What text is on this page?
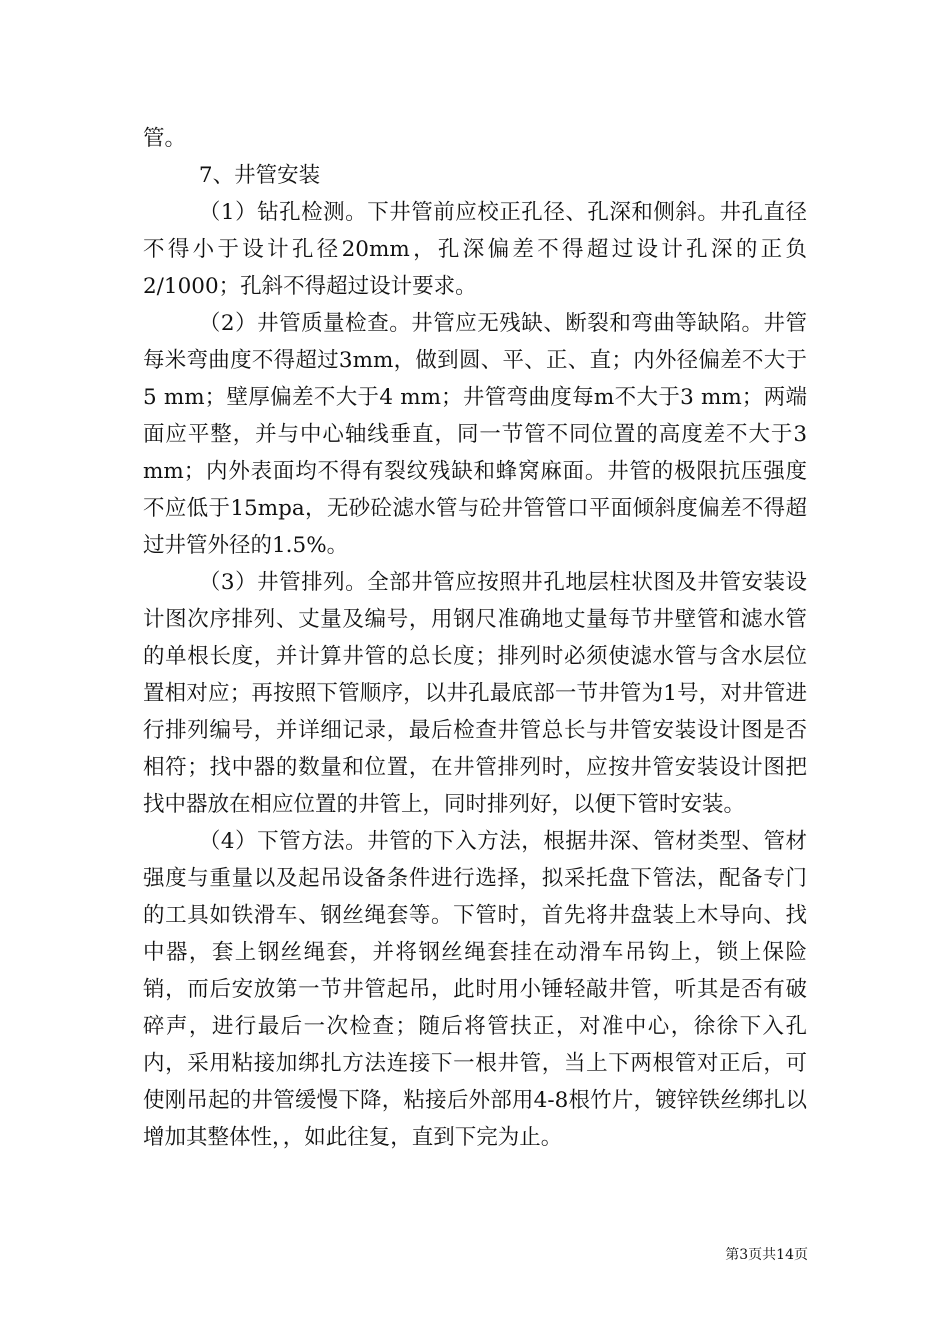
管。

7、井管安装

（1）钻孔检测。下井管前应校正孔径、孔深和侧斜。井孔直径不得小于设计孔径20mm，孔深偏差不得超过设计孔深的正负2/1000；孔斜不得超过设计要求。

（2）井管质量检查。井管应无残缺、断裂和弯曲等缺陷。井管每米弯曲度不得超过3mm，做到圆、平、正、直；内外径偏差不大于5 mm；壁厚偏差不大于4 mm；井管弯曲度每m不大于3 mm；两端面应平整，并与中心轴线垂直，同一节管不同位置的高度差不大于3 mm；内外表面均不得有裂纹残缺和蜂窝麻面。井管的极限抗压强度不应低于15mpa，无砂砼滤水管与砼井管管口平面倾斜度偏差不得超过井管外径的1.5%。

（3）井管排列。全部井管应按照井孔地层柱状图及井管安装设计图次序排列、丈量及编号，用钢尺准确地丈量每节井壁管和滤水管的单根长度，并计算井管的总长度；排列时必须使滤水管与含水层位置相对应；再按照下管顺序，以井孔最底部一节井管为1号，对井管进行排列编号，并详细记录，最后检查井管总长与井管安装设计图是否相符；找中器的数量和位置，在井管排列时，应按井管安装设计图把找中器放在相应位置的井管上，同时排列好，以便下管时安装。

（4）下管方法。井管的下入方法，根据井深、管材类型、管材强度与重量以及起吊设备条件进行选择，拟采托盘下管法，配备专门的工具如铁滑车、钢丝绳套等。下管时，首先将井盘装上木导向、找中器，套上钢丝绳套，并将钢丝绳套挂在动滑车吊钩上，锁上保险销，而后安放第一节井管起吊，此时用小锤轻敲井管，听其是否有破碎声，进行最后一次检查；随后将管扶正，对准中心，徐徐下入孔内，采用粘接加绑扎方法连接下一根井管，当上下两根管对正后，可使刚吊起的井管缓慢下降，粘接后外部用4-8根竹片，镀锌铁丝绑扎以增加其整体性，，如此往复，直到下完为止。

第3页共14页
